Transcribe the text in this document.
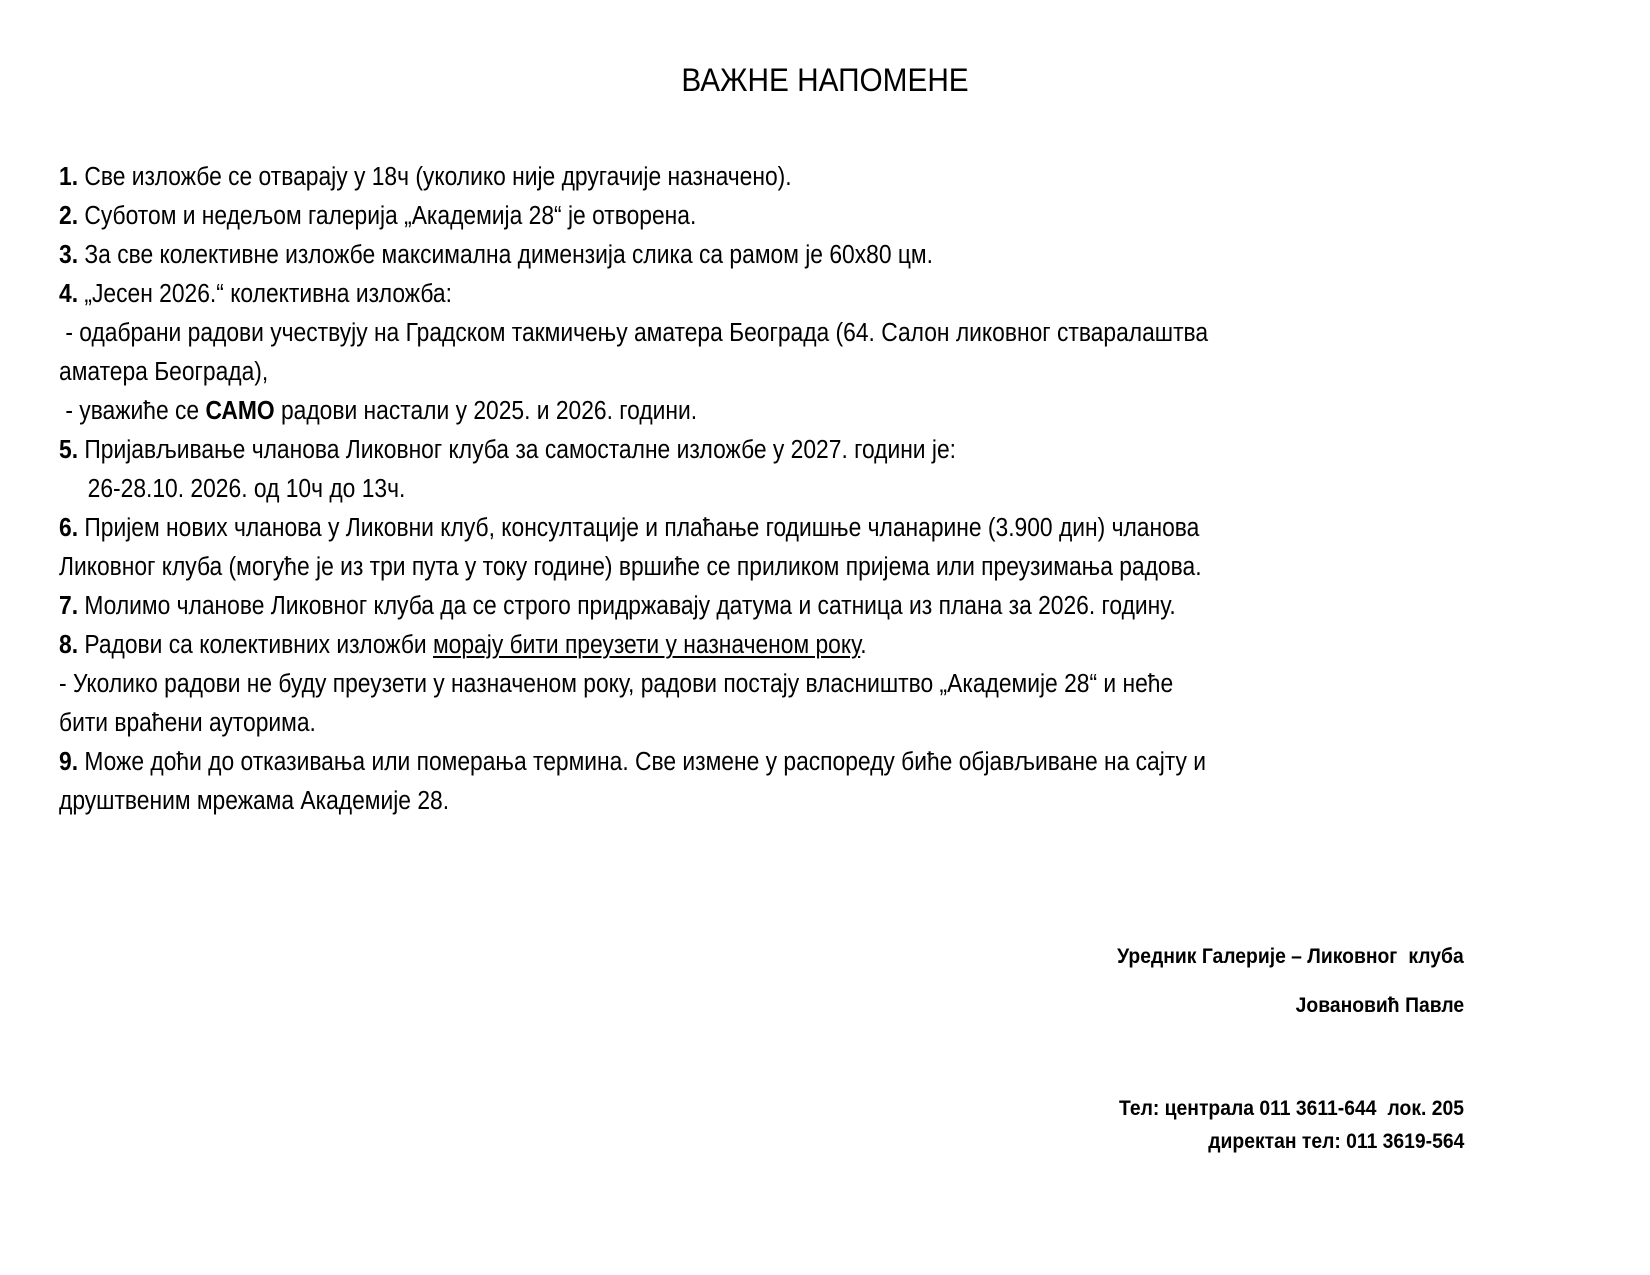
ВАЖНЕ НАПОМЕНЕ
1. Све изложбе се отварају у 18ч (уколико није другачије назначено).
2. Суботом и недељом галерија „Академија 28“ је отворена.
3. За све колективне изложбе максимална димензија слика са рамом је 60x80 цм.
4. „Јесен 2026.“ колективна изложба:
- одабрани радови учествују на Градском такмичењу аматера Београда (64. Салон ликовног стваралаштва
аматера Београда),
- уважиће се САМО радови настали у 2025. и 2026. години.
5. Пријављивање чланова Ликовног клуба за самосталне изложбе у 2027. години је:
26-28.10. 2026. од 10ч до 13ч.
6. Пријем нових чланова у Ликовни клуб, консултације и плаћање годишње чланарине (3.900 дин) чланова
Ликовног клуба (могуће је из три пута у току године) вршиће се приликом пријема или преузимања радова.
7. Молимо чланове Ликовног клуба да се строго придржавају датума и сатница из плана за 2026. годину.
8. Радови са колективних изложби морају бити преузети у назначеном року.
- Уколико радови не буду преузети у назначеном року, радови постају власништво „Академије 28“ и неће
бити враћени ауторима.
9. Може доћи до отказивања или померања термина. Све измене у распореду биће објављиване на сајту и
друштвеним мрежама Академије 28.
Уредник Галерије – Ликовног клуба
Јовановић Павле
Тел: централа 011 3611-644 лок. 205
директан тел: 011 3619-564
